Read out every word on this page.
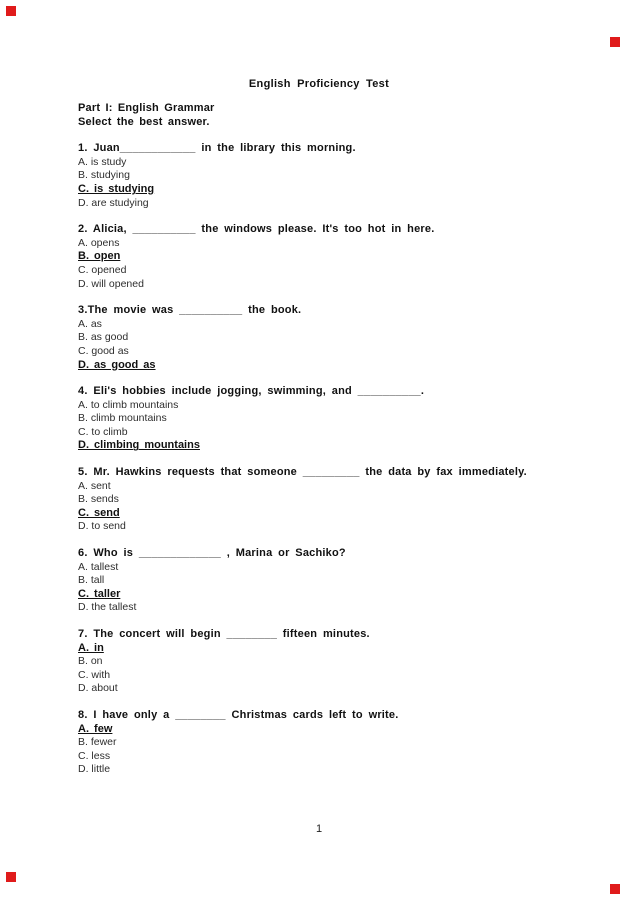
English Proficiency Test

Part I: English Grammar

Select the best answer.

1. Juan____________ in the library this morning.

A. is study

B. studying

C. is studying

D. are studying

2. Alicia, __________ the windows please. It's too hot in here.

A. opens

B. open

C. opened

D. will opened

3.The movie was __________ the book.

A. as

B. as good

C. good as

D. as good as

4. Eli's hobbies include jogging, swimming, and __________.

A. to climb mountains

B. climb mountains

C. to climb

D. climbing mountains

5. Mr. Hawkins requests that someone _________ the data by fax immediately.

A. sent

B. sends

C. send

D. to send

6. Who is _____________ , Marina or Sachiko?

A. tallest

B. tall

C. taller

D. the tallest

7. The concert will begin ________ fifteen minutes.

A. in

B. on

C. with

D. about

8. I have only a ________ Christmas cards left to write.

A. few

B. fewer

C. less

D. little

1
